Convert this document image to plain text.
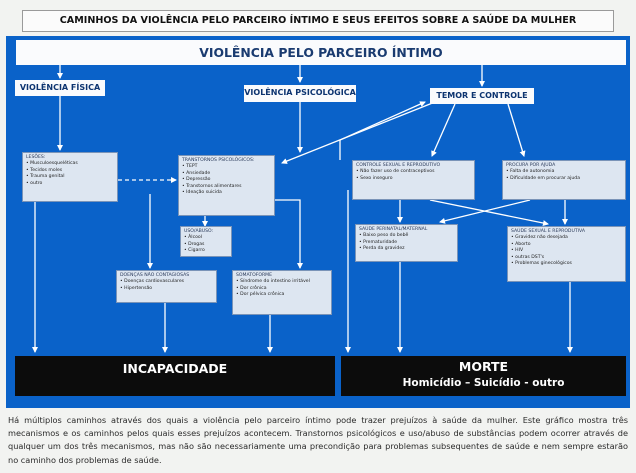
CAMINHOS DA VIOLÊNCIA PELO PARCEIRO ÍNTIMO E SEUS EFEITOS SOBRE A SAÚDE DA MULHER
VIOLÊNCIA PELO PARCEIRO ÍNTIMO
VIOLÊNCIA FÍSICA
VIOLÊNCIA PSICOLÓGICA	TEMOR E CONTROLE
LESÕES:
• Musculoesqueléticas
• Tecidos moles
• Trauma genital
• outro
TRANSTORNOS PSICOLÓGICOS:
• TEPT
• Ansiedade
• Depressão
• Transtornos alimentares
• Ideação suicida
USO/ABUSO:
• Álcool
• Drogas
• Cigarro
DOENÇAS NÃO CONTAGIOSAS
• Doenças cardiovasculares
• Hipertensão
SOMATOFORME
• Síndrome do intestino irritável
• Dor crônica
• Dor pélvica crônica
CONTROLE SEXUAL E REPRODUTIVO
• Não fazer uso de contraceptivos
• Sexo inseguro
PROCURA POR AJUDA
• Falta de autonomia
• Dificuldade em procurar ajuda
SAÚDE PERINATAL/MATERNAL
• Baixo peso do bebê
• Prematuridade
• Perda da gravidez
SAÚDE SEXUAL E REPRODUTIVA
• Gravidez não desejada
• Aborto
• HIV
• outras DST's
• Problemas ginecológicos
INCAPACIDADE	MORTE
Homicídio – Suicídio - outro
Há múltiplos caminhos através dos quais a violência pelo parceiro íntimo pode trazer prejuízos à saúde da mulher. Este gráfico mostra três mecanismos e os caminhos pelos quais esses prejuízos acontecem. Transtornos psicológicos e uso/abuso de substâncias podem ocorrer através de qualquer um dos três mecanismos, mas não são necessariamente uma precondição para problemas subsequentes de saúde e nem sempre estarão no caminho dos problemas de saúde.
